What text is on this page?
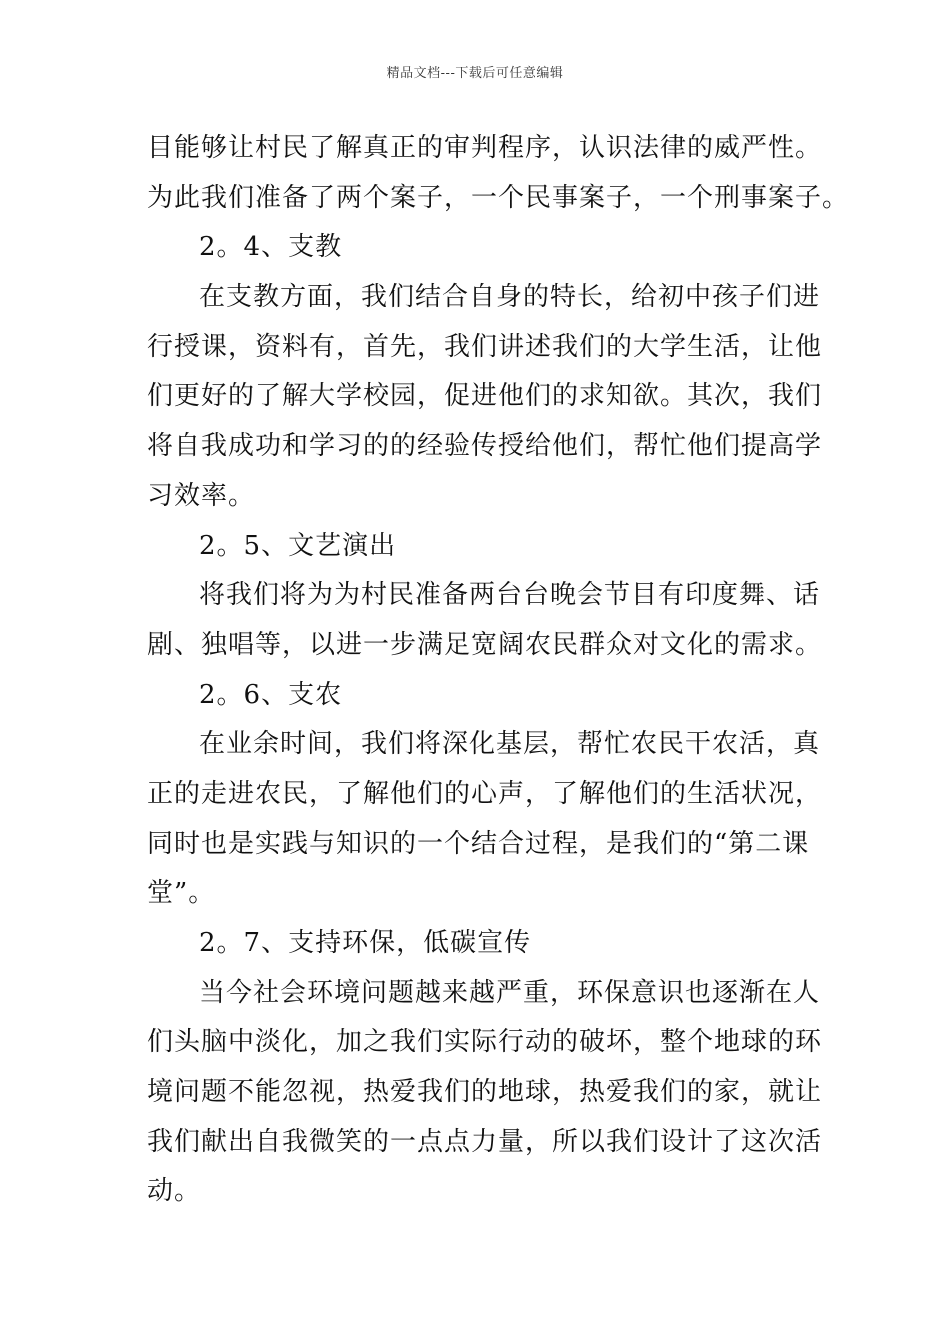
精品文档---下载后可任意编辑
目能够让村民了解真正的审判程序，认识法律的威严性。
为此我们准备了两个案子，一个民事案子，一个刑事案子。
2。4、支教
在支教方面，我们结合自身的特长，给初中孩子们进
行授课，资料有，首先，我们讲述我们的大学生活，让他
们更好的了解大学校园，促进他们的求知欲。其次，我们
将自我成功和学习的的经验传授给他们，帮忙他们提高学
习效率。
2。5、文艺演出
将我们将为为村民准备两台台晚会节目有印度舞、话
剧、独唱等，以进一步满足宽阔农民群众对文化的需求。
2。6、支农
在业余时间，我们将深化基层，帮忙农民干农活，真
正的走进农民，了解他们的心声，了解他们的生活状况，
同时也是实践与知识的一个结合过程，是我们的“第二课
堂”。
2。7、支持环保，低碳宣传
当今社会环境问题越来越严重，环保意识也逐渐在人
们头脑中淡化，加之我们实际行动的破坏，整个地球的环
境问题不能忽视，热爱我们的地球，热爱我们的家，就让
我们献出自我微笑的一点点力量，所以我们设计了这次活
动。
